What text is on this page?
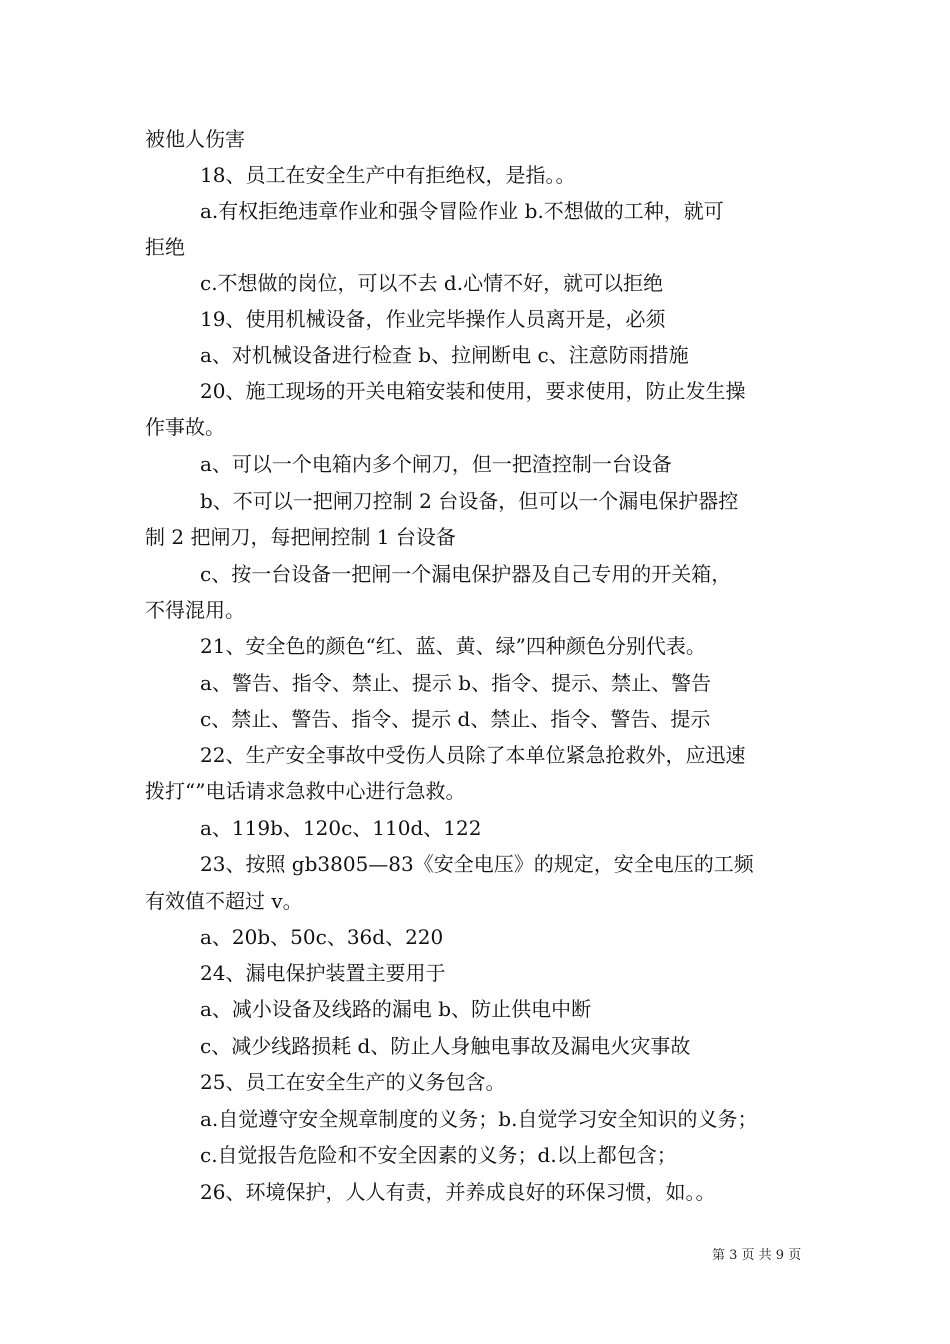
被他人伤害
18、员工在安全生产中有拒绝权，是指。。
a.有权拒绝违章作业和强令冒险作业 b.不想做的工种，就可
拒绝
c.不想做的岗位，可以不去 d.心情不好，就可以拒绝
19、使用机械设备，作业完毕操作人员离开是，必须
a、对机械设备进行检查 b、拉闸断电 c、注意防雨措施
20、施工现场的开关电箱安装和使用，要求使用，防止发生操
作事故。
a、可以一个电箱内多个闸刀，但一把渣控制一台设备
b、不可以一把闸刀控制 2 台设备，但可以一个漏电保护器控
制 2 把闸刀，每把闸控制 1 台设备
c、按一台设备一把闸一个漏电保护器及自己专用的开关箱，
不得混用。
21、安全色的颜色“红、蓝、黄、绿”四种颜色分别代表。
a、警告、指令、禁止、提示 b、指令、提示、禁止、警告
c、禁止、警告、指令、提示 d、禁止、指令、警告、提示
22、生产安全事故中受伤人员除了本单位紧急抢救外，应迅速
拨打“”电话请求急救中心进行急救。
a、119b、120c、110d、122
23、按照 gb3805—83《安全电压》的规定，安全电压的工频
有效值不超过 v。
a、20b、50c、36d、220
24、漏电保护装置主要用于
a、减小设备及线路的漏电 b、防止供电中断
c、减少线路损耗 d、防止人身触电事故及漏电火灾事故
25、员工在安全生产的义务包含。
a.自觉遵守安全规章制度的义务；b.自觉学习安全知识的义务；
c.自觉报告危险和不安全因素的义务；d.以上都包含；
26、环境保护，人人有责，并养成良好的环保习惯，如。。
第 3 页 共 9 页
